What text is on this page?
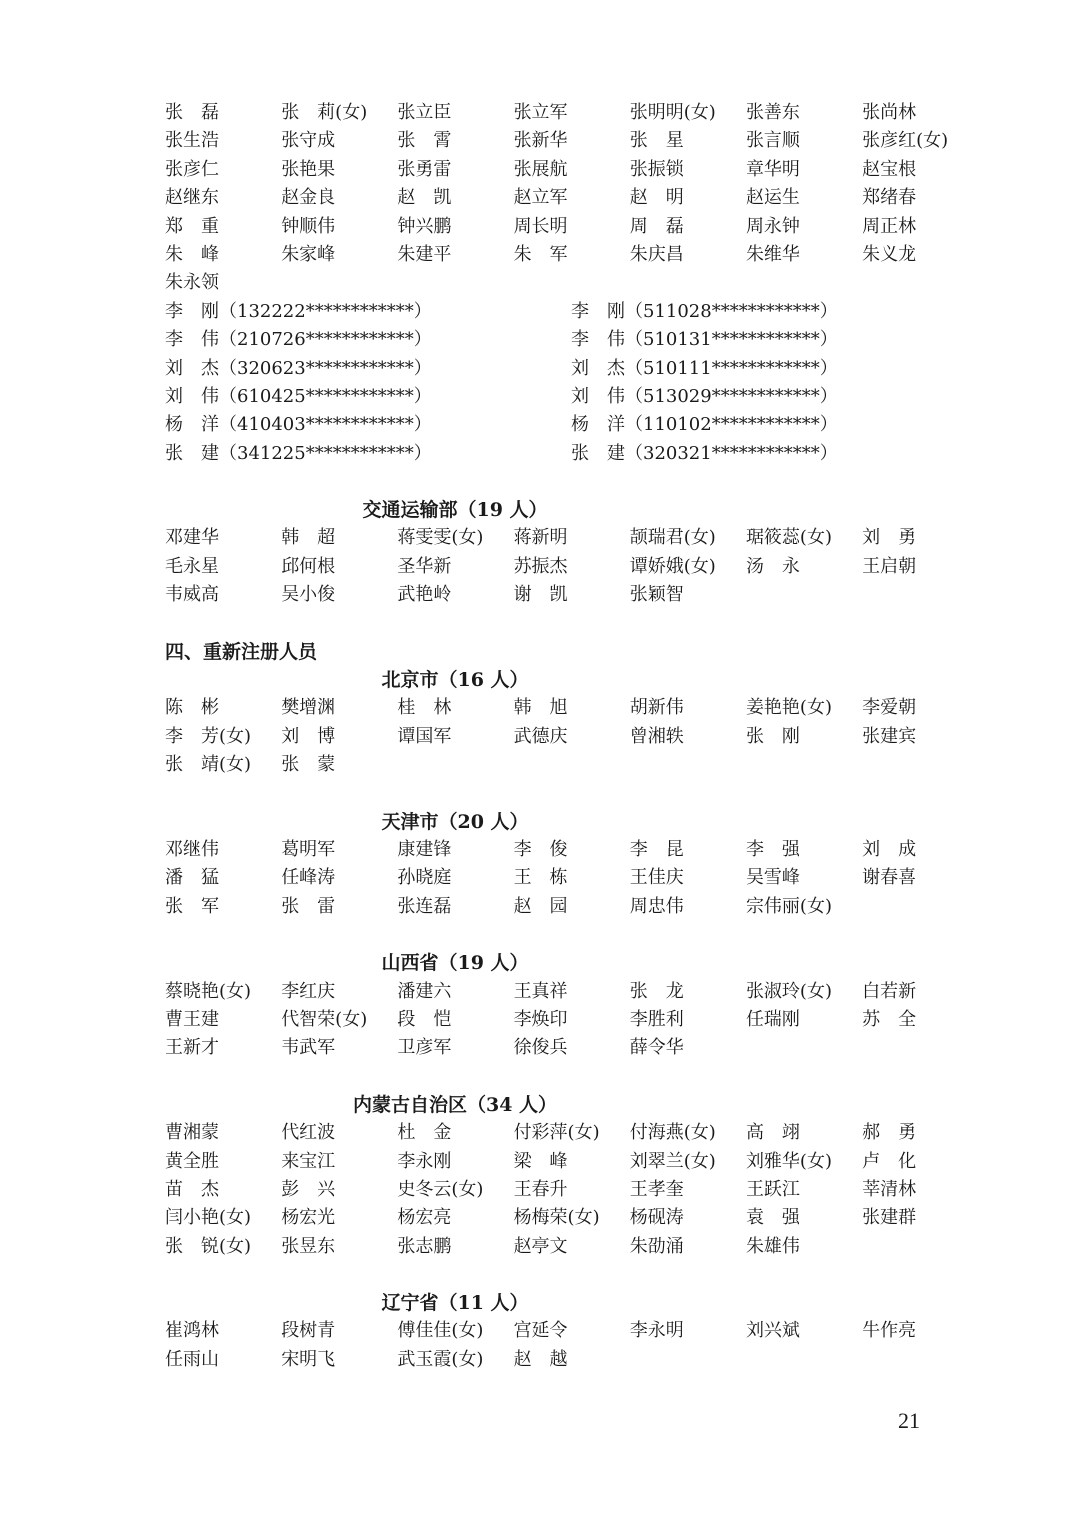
张　磊	张　莉(女)	张立臣	张立军	张明明(女)	张善东	张尚林
张生浩	张守成	张　霄	张新华	张　星	张言顺	张彦红(女)
张彦仁	张艳果	张勇雷	张展航	张振锁	章华明	赵宝根
赵继东	赵金良	赵　凯	赵立军	赵　明	赵运生	郑绪春
郑　重	钟顺伟	钟兴鹏	周长明	周　磊	周永钟	周正林
朱　峰	朱家峰	朱建平	朱　军	朱庆昌	朱维华	朱义龙
朱永领
李　刚（132222************）	李　刚（511028************）
李　伟（210726************）	李　伟（510131************）
刘　杰（320623************）	刘　杰（510111************）
刘　伟（610425************）	刘　伟（513029************）
杨　洋（410403************）	杨　洋（110102************）
张　建（341225************）	张　建（320321************）
交通运输部（19 人）
邓建华	韩　超	蒋雯雯(女)	蒋新明	颉瑞君(女)	琚筱蕊(女)	刘　勇
毛永星	邱何根	圣华新	苏振杰	谭娇娥(女)	汤　永	王启朝
韦威高	吴小俊	武艳岭	谢　凯	张颖智
四、重新注册人员
北京市（16 人）
陈　彬	樊增渊	桂　林	韩　旭	胡新伟	姜艳艳(女)	李爱朝
李　芳(女)	刘　博	谭国军	武德庆	曾湘轶	张　刚	张建宾
张　靖(女)	张　蒙
天津市（20 人）
邓继伟	葛明军	康建锋	李　俊	李　昆	李　强	刘　成
潘　猛	任峰涛	孙晓庭	王　栋	王佳庆	吴雪峰	谢春喜
张　军	张　雷	张连磊	赵　园	周忠伟	宗伟丽(女)
山西省（19 人）
蔡晓艳(女)	李红庆	潘建六	王真祥	张　龙	张淑玲(女)	白若新
曹王建	代智荣(女)	段　恺	李焕印	李胜利	任瑞刚	苏　全
王新才	韦武军	卫彦军	徐俊兵	薛令华
内蒙古自治区（34 人）
曹湘蒙	代红波	杜　金	付彩萍(女)	付海燕(女)	高　翊	郝　勇
黄全胜	来宝江	李永刚	梁　峰	刘翠兰(女)	刘雅华(女)	卢　化
苗　杰	彭　兴	史冬云(女)	王春升	王孝奎	王跃江	莘清林
闫小艳(女)	杨宏光	杨宏亮	杨梅荣(女)	杨砚涛	袁　强	张建群
张　锐(女)	张昱东	张志鹏	赵亭文	朱劭涌	朱雄伟
辽宁省（11 人）
崔鸿林	段树青	傅佳佳(女)	宫延令	李永明	刘兴斌	牛作亮
任雨山	宋明飞	武玉霞(女)	赵　越
21
